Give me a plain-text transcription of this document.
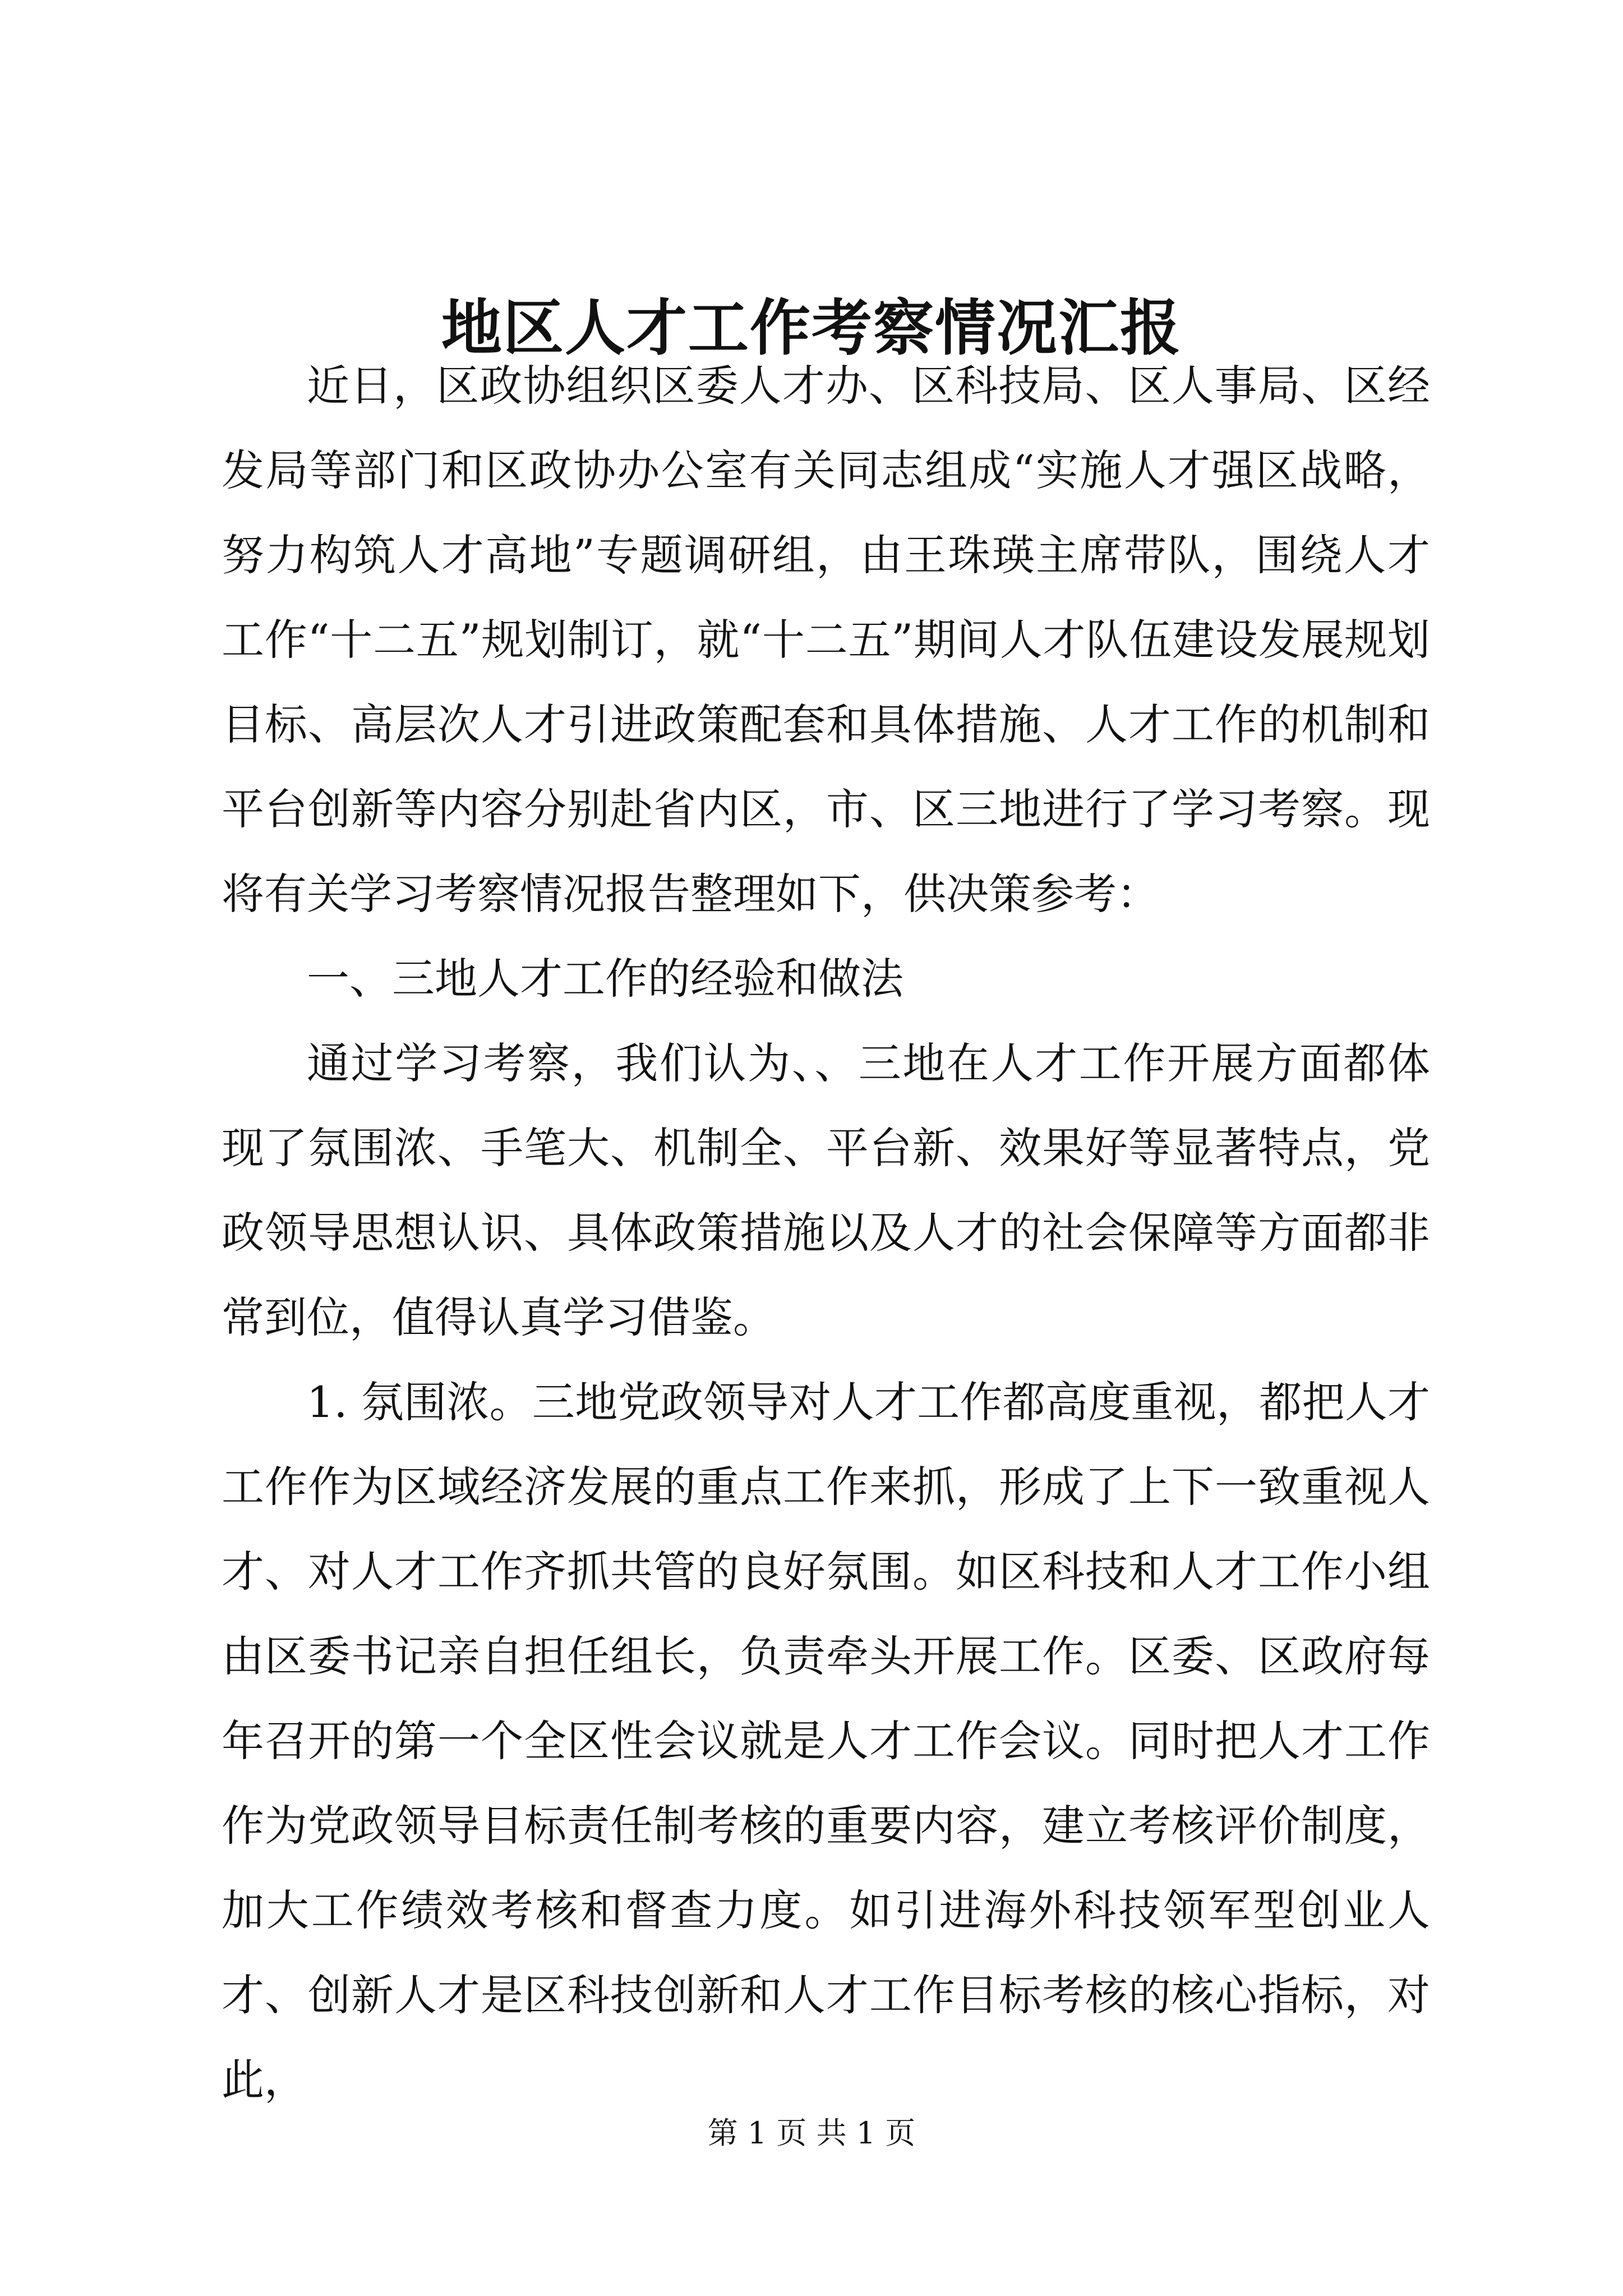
地区人才工作考察情况汇报

近日，区政协组织区委人才办、区科技局、区人事局、区经发局等部门和区政协办公室有关同志组成“实施人才强区战略，努力构筑人才高地”专题调研组，由王珠瑛主席带队，围绕人才工作“十二五”规划制订，就“十二五”期间人才队伍建设发展规划目标、高层次人才引进政策配套和具体措施、人才工作的机制和平台创新等内容分别赴省内区，市、区三地进行了学习考察。现将有关学习考察情况报告整理如下，供决策参考：

一、三地人才工作的经验和做法

通过学习考察，我们认为、、三地在人才工作开展方面都体现了氛围浓、手笔大、机制全、平台新、效果好等显著特点，党政领导思想认识、具体政策措施以及人才的社会保障等方面都非常到位，值得认真学习借鉴。

1. 氛围浓。三地党政领导对人才工作都高度重视，都把人才工作作为区域经济发展的重点工作来抓，形成了上下一致重视人才、对人才工作齐抓共管的良好氛围。如区科技和人才工作小组由区委书记亲自担任组长，负责牵头开展工作。区委、区政府每年召开的第一个全区性会议就是人才工作会议。同时把人才工作作为党政领导目标责任制考核的重要内容，建立考核评价制度，加大工作绩效考核和督查力度。如引进海外科技领军型创业人才、创新人才是区科技创新和人才工作目标考核的核心指标，对此，

第 1 页 共 1 页
